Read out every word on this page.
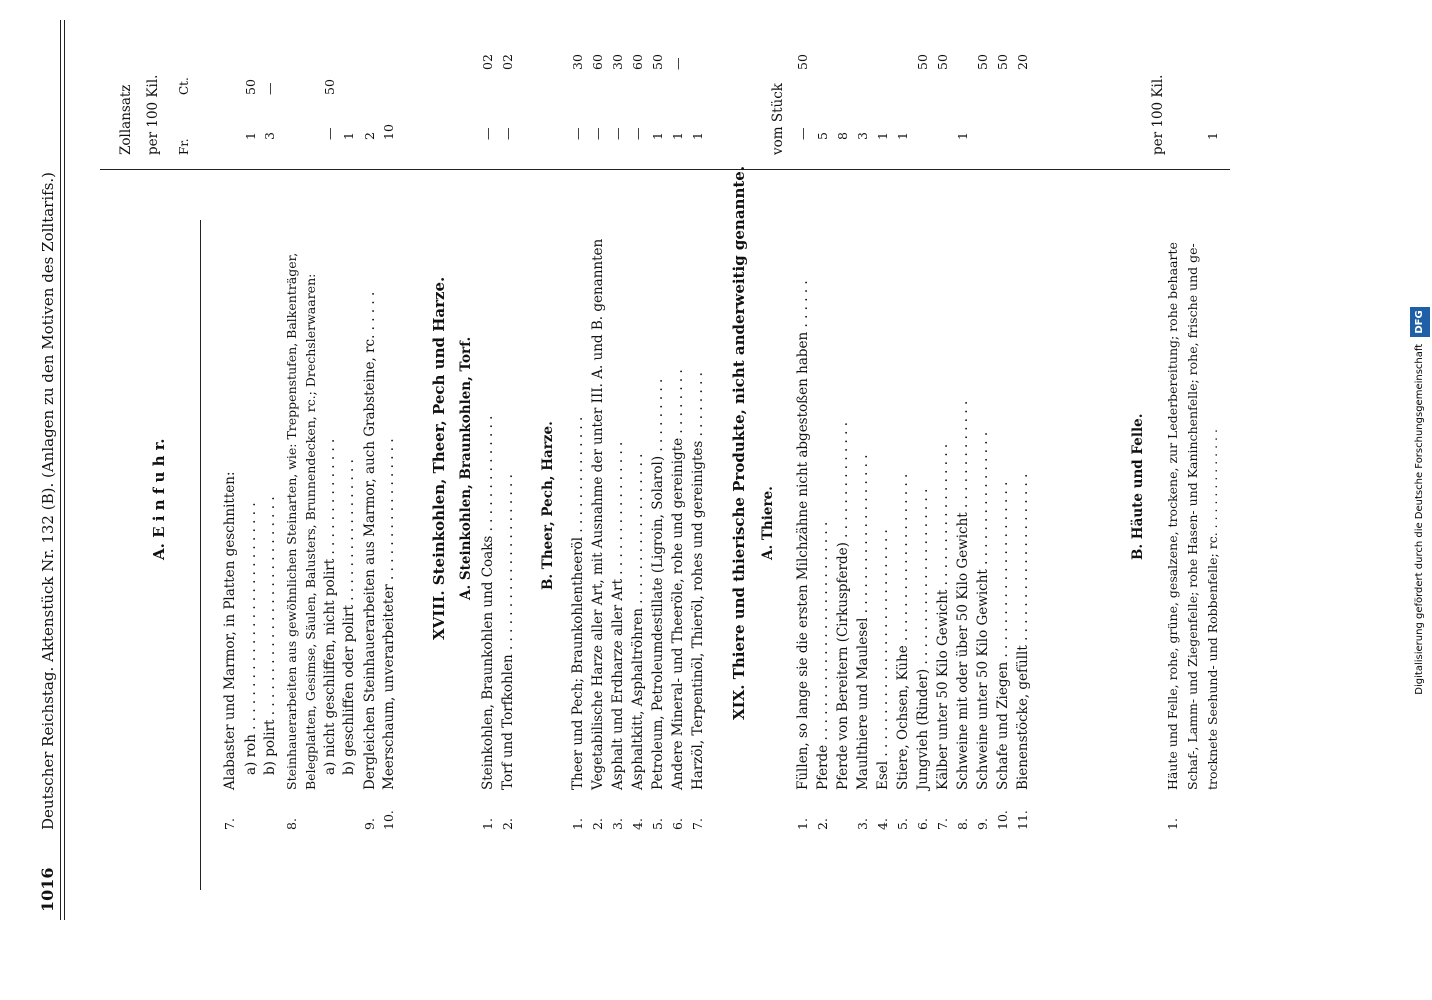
1016
Deutscher Reichstag. Aktenstück Nr. 132 (B). (Anlagen zu den Motiven des Zolltarifs.)
Zollansatz per 100 Kil. Fr.
Ct.
A. E i n f u h r.
7.
Alabaster und Marmor, in Platten geschnitten: a) roh . . . . . . . . . . . . . . . . . . . . . . . . . . .
1
50
b) polirt . . . . . . . . . . . . . . . . . . . . . . . . . .
3
—
8.
Steinhauerarbeiten aus gewöhnlichen Steinarten, wie: Treppenstufen, Balkenträger, Belegplatten, Gesimse, Säulen, Balusters, Brunnendecken, rc.; Drechslerwaaren: a) nicht geschliffen, nicht polirt . . . . . . . . . . . . . .
—
50
b) geschliffen oder polirt . . . . . . . . . . . . . . . . .
1
9.
Dergleichen Steinhauerarbeiten aus Marmor, auch Grabsteine, rc. . . . . .
2
10.
Meerschaum, unverarbeiteter . . . . . . . . . . . . . . . . .
10
XVIII. Steinkohlen, Theer, Pech und Harze. A. Steinkohlen, Braunkohlen, Torf.
1.
Steinkohlen, Braunkohlen und Coaks . . . . . . . . . . . . . .
—
02
2.
Torf und Torfkohlen . . . . . . . . . . . . . . . . . . . . .
—
02
B. Theer, Pech, Harze.
1.
Theer und Pech; Braunkohlentheeröl . . . . . . . . . . . . . .
—
30
2.
Vegetabilische Harze aller Art, mit Ausnahme der unter III. A. und B. genannten
—
60
3.
Asphalt und Erdharze aller Art . . . . . . . . . . . . . . . .
—
30
4.
Asphaltkitt, Asphaltröhren . . . . . . . . . . . . . . . . . .
—
60
5.
Petroleum, Petroleumdestillate (Ligroin, Solarol) . . . . . . . . .
1
50
6.
Andere Mineral- und Theeröle, rohe und gereinigte . . . . . . . .
1
—
7.
Harzöl, Terpentinöl, Thieröl, rohes und gereinigtes . . . . . . . .
1
XIX. Thiere und thierische Produkte, nicht anderweitig genannte. A. Thiere.
vom Stück
1.
Füllen, so lange sie die ersten Milchzähne nicht abgestoßen haben . . . . . .
—
50
2.
Pferde . . . . . . . . . . . . . . . . . . . . . . . . . .
5
Pferde von Bereitern (Cirkuspferde) . . . . . . . . . . . . . .
8
3.
Maulthiere und Maulesel . . . . . . . . . . . . . . . . . . .
3
4.
Esel . . . . . . . . . . . . . . . . . . . . . . . . . . .
1
5.
Stiere, Ochsen, Kühe . . . . . . . . . . . . . . . . . . . .
1
6.
Jungvieh (Rinder) . . . . . . . . . . . . . . . . . . . . .
50
7.
Kälber unter 50 Kilo Gewicht . . . . . . . . . . . . . . . . .
50
8.
Schweine mit oder über 50 Kilo Gewicht . . . . . . . . . . . . .
1
9.
Schweine unter 50 Kilo Gewicht . . . . . . . . . . . . . . . .
50
10.
Schafe und Ziegen . . . . . . . . . . . . . . . . . . . . .
50
11.
Bienenstöcke, gefüllt . . . . . . . . . . . . . . . . . . . .
20
B. Häute und Felle.
per 100 Kil.
1.
Häute und Felle, rohe, grüne, gesalzene, trockene, zur Lederbereitung; rohe behaarte Schaf-, Lamm- und Ziegenfelle; rohe Hasen- und Kaninchenfelle; rohe, frische und ge- trocknete Seehund- und Robbenfelle; rc. . . . . . . . . . . . . .
1
Digitalisierung gefördert durch die Deutsche Forschungsgemeinschaft DFG
